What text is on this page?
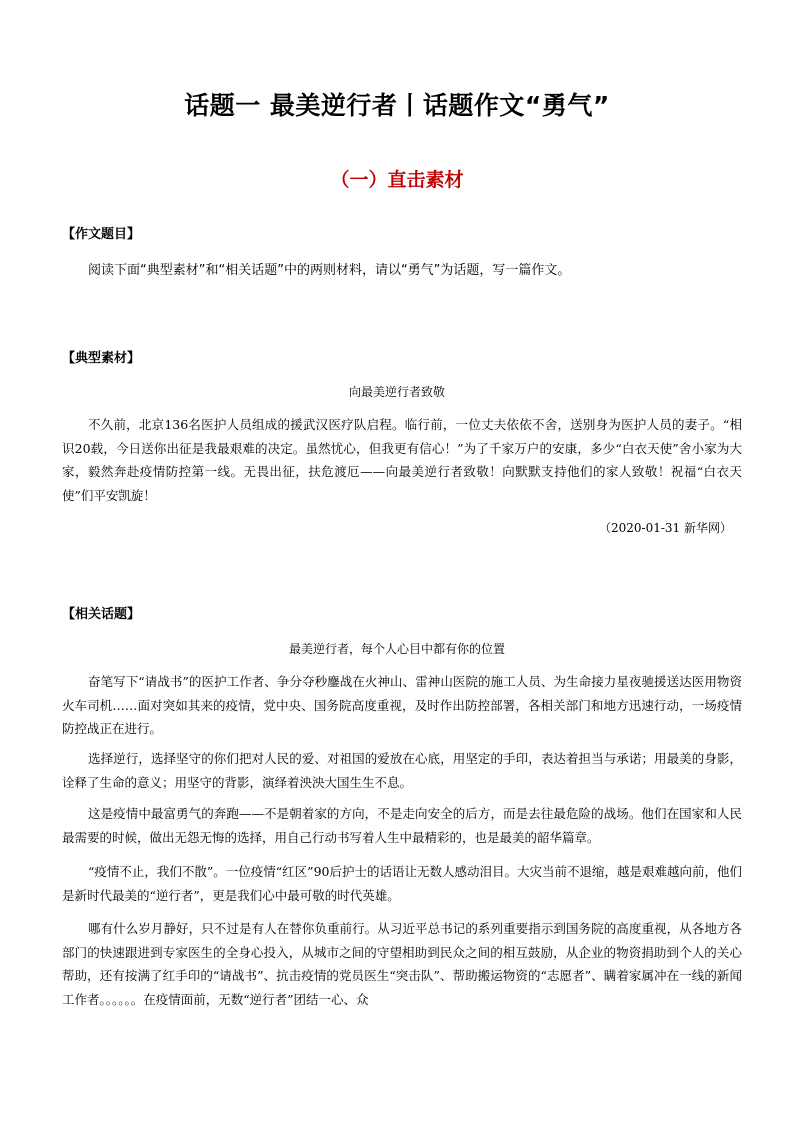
话题一 最美逆行者丨话题作文“勇气”
（一）直击素材
【作文题目】
阅读下面“典型素材”和“相关话题”中的两则材料，请以“勇气”为话题，写一篇作文。
【典型素材】
向最美逆行者致敬

不久前，北京136名医护人员组成的援武汉医疗队启程。临行前，一位丈夫依依不舍，送别身为医护人员的妻子。“相识20载，今日送你出征是我最艰难的决定。虽然忧心，但我更有信心！”为了千家万户的安康，多少“白衣天使”舍小家为大家，毅然奔赴疫情防控第一线。无畏出征，扶危渡厄——向最美逆行者致敬！向默默支持他们的家人致敬！祝福“白衣天使”们平安凯旋！

（2020-01-31 新华网）
【相关话题】
最美逆行者，每个人心目中都有你的位置

奋笔写下“请战书”的医护工作者、争分夺秒鏖战在火神山、雷神山医院的施工人员、为生命接力星夜驰援送达医用物资火车司机……面对突如其来的疫情，党中央、国务院高度重视，及时作出防控部署，各相关部门和地方迅速行动，一场疫情防控战正在进行。

选择逆行，选择坚守的你们把对人民的爱、对祖国的爱放在心底，用坚定的手印，表达着担当与承诺；用最美的身影，诠释了生命的意义；用坚守的背影，演绎着泱泱大国生生不息。

这是疫情中最富勇气的奔跑——不是朝着家的方向，不是走向安全的后方，而是去往最危险的战场。他们在国家和人民最需要的时候，做出无怨无悔的选择，用自己行动书写着人生中最精彩的，也是最美的韶华篇章。

“疫情不止，我们不散”。一位疫情“红区”90后护士的话语让无数人感动泪目。大灾当前不退缩，越是艰难越向前，他们是新时代最美的“逆行者”，更是我们心中最可敬的时代英雄。

哪有什么岁月静好，只不过是有人在替你负重前行。从习近平总书记的系列重要指示到国务院的高度重视，从各地方各部门的快速跟进到专家医生的全身心投入，从城市之间的守望相助到民众之间的相互鼓励，从企业的物资捐助到个人的关心帮助，还有按满了红手印的“请战书”、抗击疫情的党员医生“突击队”、帮助搬运物资的“志愿者”、瞒着家属冲在一线的新闻工作者。。。。。。在疫情面前，无数“逆行者”团结一心、众
